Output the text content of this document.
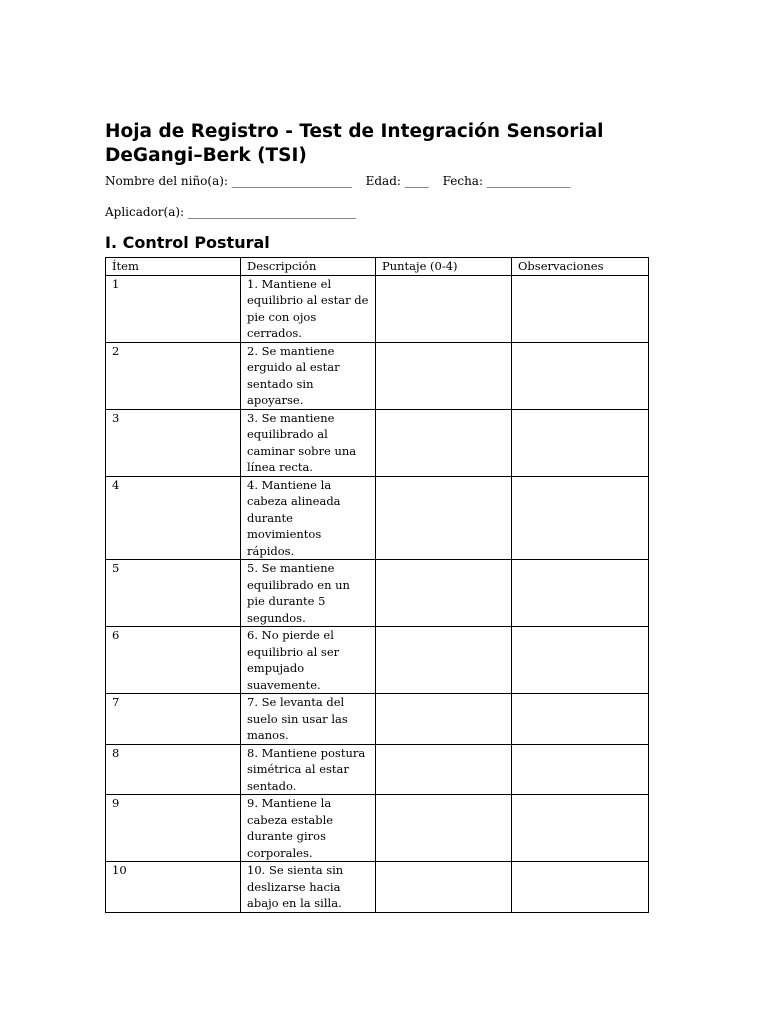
Hoja de Registro - Test de Integración Sensorial DeGangi–Berk (TSI)
Nombre del niño(a): ____________________ Edad: ____ Fecha: ______________
Aplicador(a): ____________________________
I. Control Postural
Ítem	Descripción	Puntaje (0-4)	Observaciones
1	1. Mantiene el equilibrio al estar de pie con ojos cerrados.		
2	2. Se mantiene erguido al estar sentado sin apoyarse.		
3	3. Se mantiene equilibrado al caminar sobre una línea recta.		
4	4. Mantiene la cabeza alineada durante movimientos rápidos.		
5	5. Se mantiene equilibrado en un pie durante 5 segundos.		
6	6. No pierde el equilibrio al ser empujado suavemente.		
7	7. Se levanta del suelo sin usar las manos.		
8	8. Mantiene postura simétrica al estar sentado.		
9	9. Mantiene la cabeza estable durante giros corporales.		
10	10. Se sienta sin deslizarse hacia abajo en la silla.		
